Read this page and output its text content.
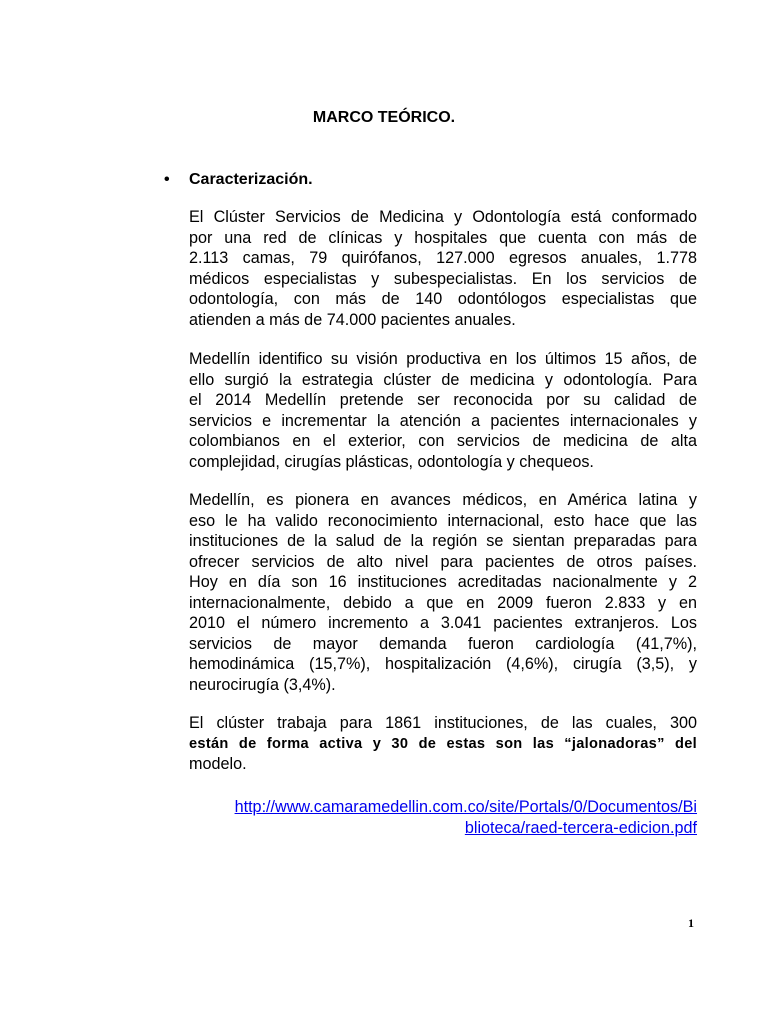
MARCO TEÓRICO.
• Caracterización.
El Clúster Servicios de Medicina y Odontología está conformado
por una red de clínicas y hospitales que cuenta con más de
2.113 camas, 79 quirófanos, 127.000 egresos anuales, 1.778
médicos especialistas y subespecialistas. En los servicios de
odontología, con más de 140 odontólogos especialistas que
atienden a más de 74.000 pacientes anuales.
Medellín identifico su visión productiva en los últimos 15 años, de
ello surgió la estrategia clúster de medicina y odontología. Para
el 2014 Medellín pretende ser reconocida por su calidad de
servicios e incrementar la atención a pacientes internacionales y
colombianos en el exterior, con servicios de medicina de alta
complejidad, cirugías plásticas, odontología y chequeos.
Medellín, es pionera en avances médicos, en América latina y
eso le ha valido reconocimiento internacional, esto hace que las
instituciones de la salud de la región se sientan preparadas para
ofrecer servicios de alto nivel para pacientes de otros países.
Hoy en día son 16 instituciones acreditadas nacionalmente y 2
internacionalmente, debido a que en 2009 fueron 2.833 y en
2010 el número incremento a 3.041 pacientes extranjeros. Los
servicios de mayor demanda fueron cardiología (41,7%),
hemodinámica (15,7%), hospitalización (4,6%), cirugía (3,5), y
neurocirugía (3,4%).
El clúster trabaja para 1861 instituciones, de las cuales, 300
están de forma activa y 30 de estas son las “jalonadoras” del
modelo.
http://www.camaramedellin.com.co/site/Portals/0/Documentos/Bi
blioteca/raed-tercera-edicion.pdf
1
